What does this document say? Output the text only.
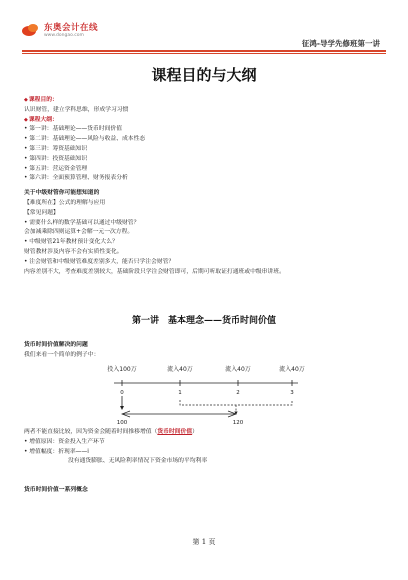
东奥会计在线
www.dongao.com
征鸿-导学先修班第一讲
课程目的与大纲

◆ 课程目的：

认识财管，建立学科思维，形成学习习惯

◆ 课程大纲：

• 第一讲：基础理论——货币时间价值

• 第二讲：基础理论——风险与收益、成本性态

• 第三讲：筹资基础知识

• 第四讲：投资基础知识

• 第五讲：营运资金管理

• 第六讲：全面预算管理、财务报表分析

关于中级财管你可能想知道的

【难度所在】公式的理解与应用

【常见问题】

• 需要什么样的数学基础可以通过中级财管？

会加减乘除四则运算+会解一元一次方程。

• 中级财管21年教材预计变化大么？

财管教材涉及内容不会有实质性变化。

• 注会财管和中级财管难度差别多大，能否只学注会财管？

内容差别不大，考查难度差别较大，基础阶段只学注会财管即可，后期可听取证打通班或中级串讲班。

第一讲　基本理念——货币时间价值

货币时间价值解决的问题

我们来看一个简单的例子中：

投入100万	流入40万	流入40万	流入40万
0	1	2	3
100	120

两者不能直接比较，因为资金会随着时间推移增值（货币时间价值）

• 增值原因：资金投入生产环节

• 增值幅度：折现率——i

没有通货膨胀、无风险利率情况下资金市场的平均利率

货币时间价值一系列概念
第 1 页
